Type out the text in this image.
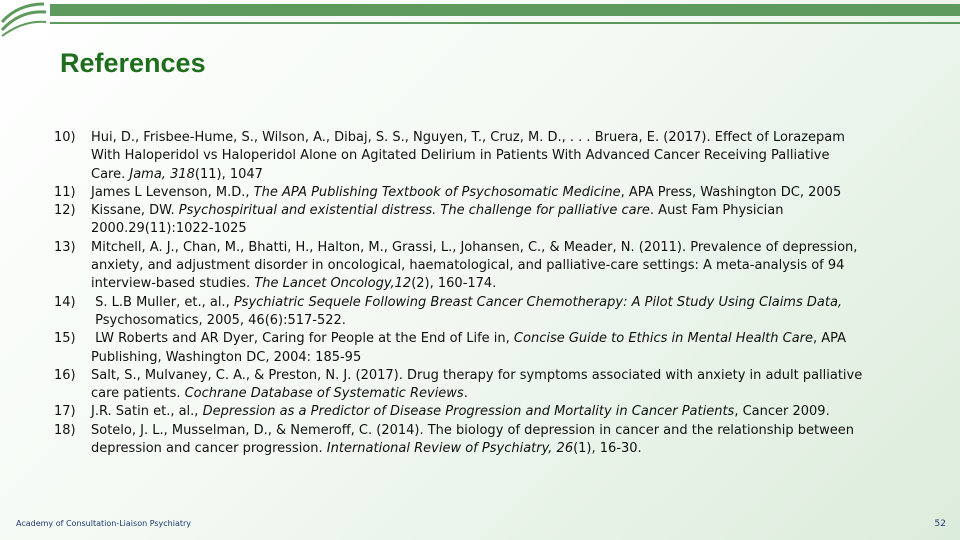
References
10) Hui, D., Frisbee-Hume, S., Wilson, A., Dibaj, S. S., Nguyen, T., Cruz, M. D., . . . Bruera, E. (2017). Effect of Lorazepam
With Haloperidol vs Haloperidol Alone on Agitated Delirium in Patients With Advanced Cancer Receiving Palliative
Care. Jama, 318(11), 1047
11) James L Levenson, M.D., The APA Publishing Textbook of Psychosomatic Medicine, APA Press, Washington DC, 2005
12) Kissane, DW. Psychospiritual and existential distress. The challenge for palliative care. Aust Fam Physician
2000.29(11):1022-1025
13) Mitchell, A. J., Chan, M., Bhatti, H., Halton, M., Grassi, L., Johansen, C., & Meader, N. (2011). Prevalence of depression,
anxiety, and adjustment disorder in oncological, haematological, and palliative-care settings: A meta-analysis of 94
interview-based studies. The Lancet Oncology,12(2), 160-174.
14) S. L.B Muller, et., al., Psychiatric Sequele Following Breast Cancer Chemotherapy: A Pilot Study Using Claims Data,
Psychosomatics, 2005, 46(6):517-522.
15) LW Roberts and AR Dyer, Caring for People at the End of Life in, Concise Guide to Ethics in Mental Health Care, APA
Publishing, Washington DC, 2004: 185-95
16) Salt, S., Mulvaney, C. A., & Preston, N. J. (2017). Drug therapy for symptoms associated with anxiety in adult palliative
care patients. Cochrane Database of Systematic Reviews.
17) J.R. Satin et., al., Depression as a Predictor of Disease Progression and Mortality in Cancer Patients, Cancer 2009.
18) Sotelo, J. L., Musselman, D., & Nemeroff, C. (2014). The biology of depression in cancer and the relationship between
depression and cancer progression. International Review of Psychiatry, 26(1), 16-30.
Academy of Consultation-Liaison Psychiatry	52
